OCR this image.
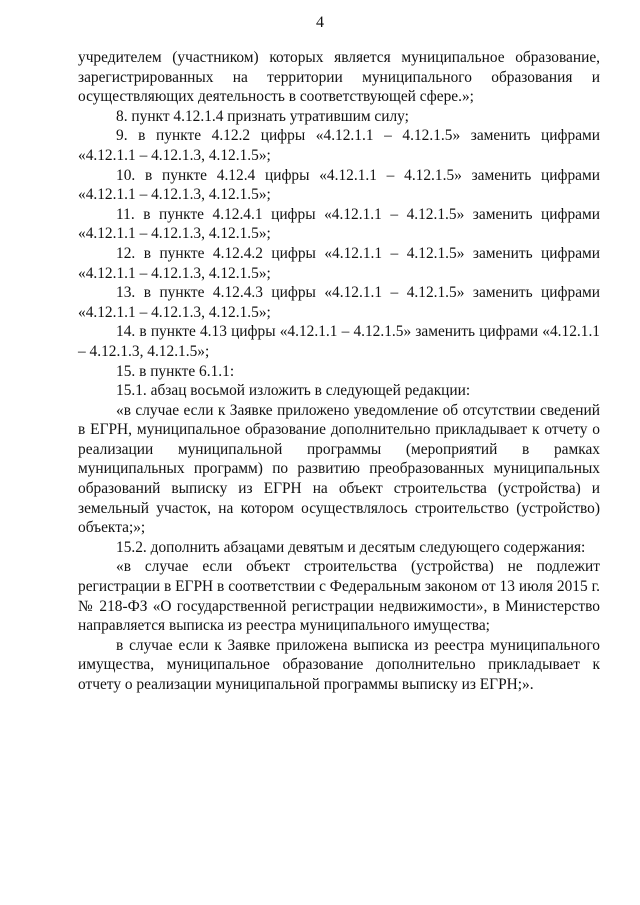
4

учредителем (участником) которых является муниципальное образование, зарегистрированных на территории муниципального образования и осуществляющих деятельность в соответствующей сфере.»;

8. пункт 4.12.1.4 признать утратившим силу;

9. в пункте 4.12.2 цифры «4.12.1.1 – 4.12.1.5» заменить цифрами «4.12.1.1 – 4.12.1.3, 4.12.1.5»;

10. в пункте 4.12.4 цифры «4.12.1.1 – 4.12.1.5» заменить цифрами «4.12.1.1 – 4.12.1.3, 4.12.1.5»;

11. в пункте 4.12.4.1 цифры «4.12.1.1 – 4.12.1.5» заменить цифрами «4.12.1.1 – 4.12.1.3, 4.12.1.5»;

12. в пункте 4.12.4.2 цифры «4.12.1.1 – 4.12.1.5» заменить цифрами «4.12.1.1 – 4.12.1.3, 4.12.1.5»;

13. в пункте 4.12.4.3 цифры «4.12.1.1 – 4.12.1.5» заменить цифрами «4.12.1.1 – 4.12.1.3, 4.12.1.5»;

14. в пункте 4.13 цифры «4.12.1.1 – 4.12.1.5» заменить цифрами «4.12.1.1 – 4.12.1.3, 4.12.1.5»;

15. в пункте 6.1.1:

15.1. абзац восьмой изложить в следующей редакции:

«в случае если к Заявке приложено уведомление об отсутствии сведений в ЕГРН, муниципальное образование дополнительно прикладывает к отчету о реализации муниципальной программы (мероприятий в рамках муниципальных программ) по развитию преобразованных муниципальных образований выписку из ЕГРН на объект строительства (устройства) и земельный участок, на котором осуществлялось строительство (устройство) объекта;»;

15.2. дополнить абзацами девятым и десятым следующего содержания:

«в случае если объект строительства (устройства) не подлежит регистрации в ЕГРН в соответствии с Федеральным законом от 13 июля 2015 г. № 218-ФЗ «О государственной регистрации недвижимости», в Министерство направляется выписка из реестра муниципального имущества;

в случае если к Заявке приложена выписка из реестра муниципального имущества, муниципальное образование дополнительно прикладывает к отчету о реализации муниципальной программы выписку из ЕГРН;».
